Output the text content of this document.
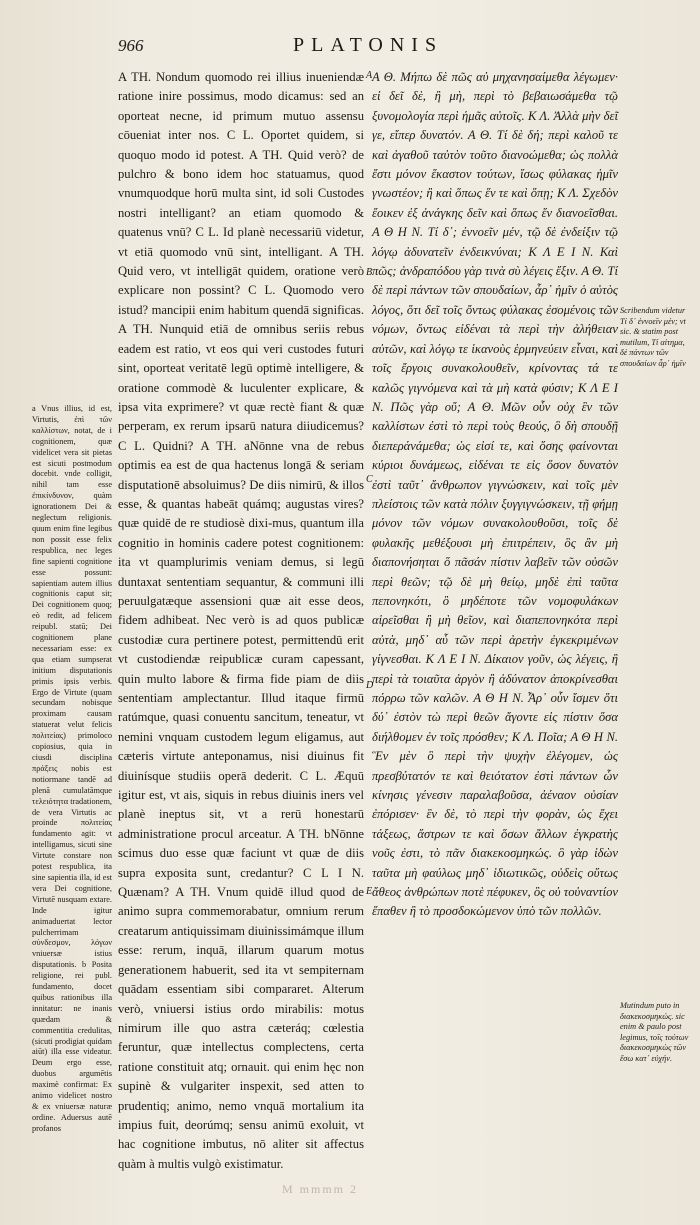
966	PLATONIS

a Vnus illius, id est, Virtutis, ἐπὶ τῶν καλλίστων, notat, de i cognitionem, quæ videlicet vera sit pietas est sicuti postmodum docebit. vnde colligit, nihil tam esse ἐπικίνδυνον, quàm ignorationem Dei & neglectum religionis. quum enim fine legibus non possit esse felix respublica, nec leges fine sapienti cognitione esse possunt: sapientiam autem illius cognitionis caput sit; Dei cognitionem quoq; eò redit, ad felicem reipubl. statū; Dei cognitionem plane necessariam esse: ex qua etiam sumpserat initium disputationis primis ipsis verbis. Ergo de Virtute (quam secundam nobisque proximam causam statuerat velut felicis πολιτείας) primoloco copiosius, quia in ciusdi disciplina πράξεις nobis est notiormane tandē ad plenā cumulatāmque τελειότητα tradationem, de vera Virtutis ac proinde πολιτείας fundamento agit: vt intelligamus, sicuti sine Virtute constare non potest respublica, ita sine sapientia illa, id est vera Dei cognitione, Virtutē nusquam extare. Inde igitur animaduertat lector pulcherrimam σύνδεσμον, λόγων vniuersæ istius disputationis. b Posita religione, rei publ. fundamento, docet quibus rationibus illa innitatur: ne inanis quædam & commentitia credulitas, (sicuti prodigiat quidam aiūt) illa esse videatur. Deum ergo esse, duobus argumētis maximè confirmat: Ex animo videlicet nostro & ex vniuersæ naturæ ordine. Aduersus autē profanos

A TH. Nondum quomodo rei illius inueniendæ ratione inire possimus, modo dicamus: sed an oporteat necne, id primum mutuo assensu cōueniat inter nos. C L. Oportet quidem, si quoquo modo id potest. A TH. Quid verò? de pulchro & bono idem hoc statuamus, quod vnumquodque horū multa sint, id soli Custodes nostri intelligant? an etiam quomodo & quatenus vnū? C L. Id planè necessariū videtur, vt etiā quomodo vnū sint, intelligant. A TH. Quid vero, vt intelligāt quidem, oratione verò explicare non possint? C L. Quomodo vero istud? mancipii enim habitum quendā significas. A TH. Nunquid etiā de omnibus seriis rebus eadem est ratio, vt eos qui veri custodes futuri sint, oporteat veritatē legū optimè intelligere, & oratione commodè & luculenter explicare, & ipsa vita exprimere? vt quæ rectè fiant & quæ perperam, ex rerum ipsarū natura diiudicemus? C L. Quidni? A TH. aNōnne vna de rebus optimis ea est de qua hactenus longā & seriam disputationē absoluimus? De diis nimirū, & illos esse, & quantas habeāt quámq; augustas vires? quæ quidē de re studiosè dixi-mus, quantum illa cognitio in hominis cadere potest cognitionem: ita vt quamplurimis veniam demus, si legū duntaxat sententiam sequantur, & communi illi peruulgatæque assensioni quæ ait esse deos, fidem adhibeat. Nec verò is ad quos publicæ custodiæ cura pertinere potest, permittendū erit vt custodiendæ reipublicæ curam capessant, quin multo labore & firma fide piam de diis sententiam amplectantur. Illud itaque firmū ratúmque, quasi conuentu sancitum, teneatur, vt nemini vnquam custodem legum eligamus, aut cæteris virtute anteponamus, nisi diuinus fit diuinísque studiis operā dederit. C L. Æquū igitur est, vt ais, siquis in rebus diuinis iners vel planè ineptus sit, vt a rerū honestarū administratione procul arceatur. A TH. bNōnne scimus duo esse quæ faciunt vt quæ de diis supra exposita sunt, credantur? C L I N. Quænam? A TH. Vnum quidē illud quod de animo supra commemorabatur, omnium rerum creatarum antiquissimam diuinissimámque illum esse: rerum, inquā, illarum quarum motus generationem habuerit, sed ita vt sempiternam quādam essentiam sibi compararet. Alterum verò, vniuersi istius ordo mirabilis: motus nimirum ille quo astra cæteráq; cœlestia feruntur, quæ intellectus complectens, certa ratione constituit atq; ornauit. qui enim hęc non supinè & vulgariter inspexit, sed atten to prudentiq; animo, nemo vnquā mortalium ita impius fuit, deorúmq; sensu animū exoluit, vt hac cognitione imbutus, nō aliter sit affectus quàm à multis vulgò existimatur.

A
B
C
D
E

Α Θ. Μήπω δὲ πῶς αὐ μηχανησαίμεθα λέγωμεν· εἰ δεῖ δὲ, ἢ μὴ, περὶ τὸ βεβαιωσάμεθα τῷ ξυνομολογία περὶ ἡμᾶς αὐτοῖς. Κ Λ. Ἀλλὰ μὴν δεῖ γε, εἴπερ δυνατόν. Α Θ. Τί δὲ δή; περὶ καλοῦ τε καὶ ἀγαθοῦ ταὐτὸν τοῦτο διανοώμεθα; ὡς πολλὰ ἔστι μόνον ἕκαστον τούτων, ἴσως φύλακας ἡμῖν γνωστέον; ἢ καὶ ὅπως ἕν τε καὶ ὅπῃ; Κ Λ. Σχεδὸν ἔοικεν ἐξ ἀνάγκης δεῖν καὶ ὅπως ἕν διανοεῖσθαι. Α Θ Η Ν. Τί δ᾽; ἐννοεῖν μέν, τῷ δὲ ἐνδείξιν τῷ λόγῳ ἀδυνατεῖν ἐνδεικνύναι; Κ Λ Ε Ι Ν. Καὶ πῶς; ἀνδραπόδου γὰρ τινὰ σὺ λέγεις ἕξιν. Α Θ. Τί δὲ περὶ πάντων τῶν σπουδαίων, ἆρ᾽ ἡμῖν ὁ αὐτὸς λόγος, ὅτι δεῖ τοῖς ὄντως φύλακας ἐσομένοις τῶν νόμων, ὄντως εἰδέναι τὰ περὶ τὴν ἀλήθειαν αὐτῶν, καὶ λόγῳ τε ἱκανοὺς ἑρμηνεύειν εἶναι, καὶ τοῖς ἔργοις συνακολουθεῖν, κρίνοντας τά τε καλῶς γιγνόμενα καὶ τὰ μὴ κατὰ φύσιν; Κ Λ Ε Ι Ν. Πῶς γὰρ οὔ; Α Θ. Μῶν οὖν οὐχ ἓν τῶν καλλίστων ἐστὶ τὸ περὶ τοὺς θεούς, ὃ δὴ σπουδῇ διεπεράνάμεθα; ὡς εἰσί τε, καὶ ὅσης φαίνονται κύριοι δυνάμεως, εἰδέναι τε εἰς ὅσον δυνατὸν ἐστὶ ταῦτ᾽ ἄνθρωπον γιγνώσκειν, καὶ τοῖς μὲν πλείστοις τῶν κατὰ πόλιν ξυγγιγνώσκειν, τῇ φήμῃ μόνον τῶν νόμων συνακολουθοῦσι, τοῖς δὲ φυλακῆς μεθέξουσι μὴ ἐπιτρέπειν, ὃς ἂν μὴ διαπονήσηται ὅ πᾶσάν πίστιν λαβεῖν τῶν οὐσῶν περὶ θεῶν; τῷ δὲ μὴ θείῳ, μηδὲ ἐπὶ ταῦτα πεπονηκότι, ὃ μηδέποτε τῶν νομοφυλάκων αἱρεῖσθαι ἢ μὴ θεῖον, καὶ διαπεπονηκότα περὶ αὐτὰ, μηδ᾽ αὖ τῶν περὶ ἀρετὴν ἐγκεκριμένων γίγνεσθαι. Κ Λ Ε Ι Ν. Δίκαιον γοῦν, ὡς λέγεις, ἢ περὶ τὰ τοιαῦτα ἀργὸν ἢ ἀδύνατον ἀποκρίνεσθαι πόρρω τῶν καλῶν. Α Θ Η Ν. Ἆρ᾽ οὖν ἴσμεν ὅτι δύ᾽ ἐστὸν τὼ περὶ θεῶν ἄγοντε εἰς πίστιν ὅσα διήλθομεν ἐν τοῖς πρόσθεν; Κ Λ. Ποῖα; Α Θ Η Ν. Ἓν μὲν ὃ περὶ τὴν ψυχὴν ἐλέγομεν, ὡς πρεσβύτατόν τε καὶ θειότατον ἐστὶ πάντων ὧν κίνησις γένεσιν παραλαβοῦσα, ἀέναον οὐσίαν ἐπόρισεν· ἓν δὲ, τὸ περὶ τὴν φορὰν, ὡς ἔχει τάξεως, ἄστρων τε καὶ ὅσων ἄλλων ἐγκρατὴς νοῦς ἐστι, τὸ πᾶν διακεκοσμηκώς. ὃ γὰρ ἰδὼν ταῦτα μὴ φαύλως μηδ᾽ ἰδιωτικῶς, οὐδεὶς οὕτως ἄθεος ἀνθρώπων ποτὲ πέφυκεν, ὃς οὐ τοὐναντίον ἔπαθεν ἢ τὸ προσδοκώμενον ὑπὸ τῶν πολλῶν.

Scribendum videtur Τί δ᾽ ἐννοεῖν μέν; vt sic. & statim post mutilum, Τί αἰτημα, δὲ πάντων τῶν σπουδαίων ἆρ᾽ ἡμῖν
Mutindum puto in διακεκοσμηκώς. sic enim & paulo post legimus, τοῖς τούτων διακεκοσμηκὼς τῶν ἔσω κατ᾽ εὐχήν.
M mmmm 2
